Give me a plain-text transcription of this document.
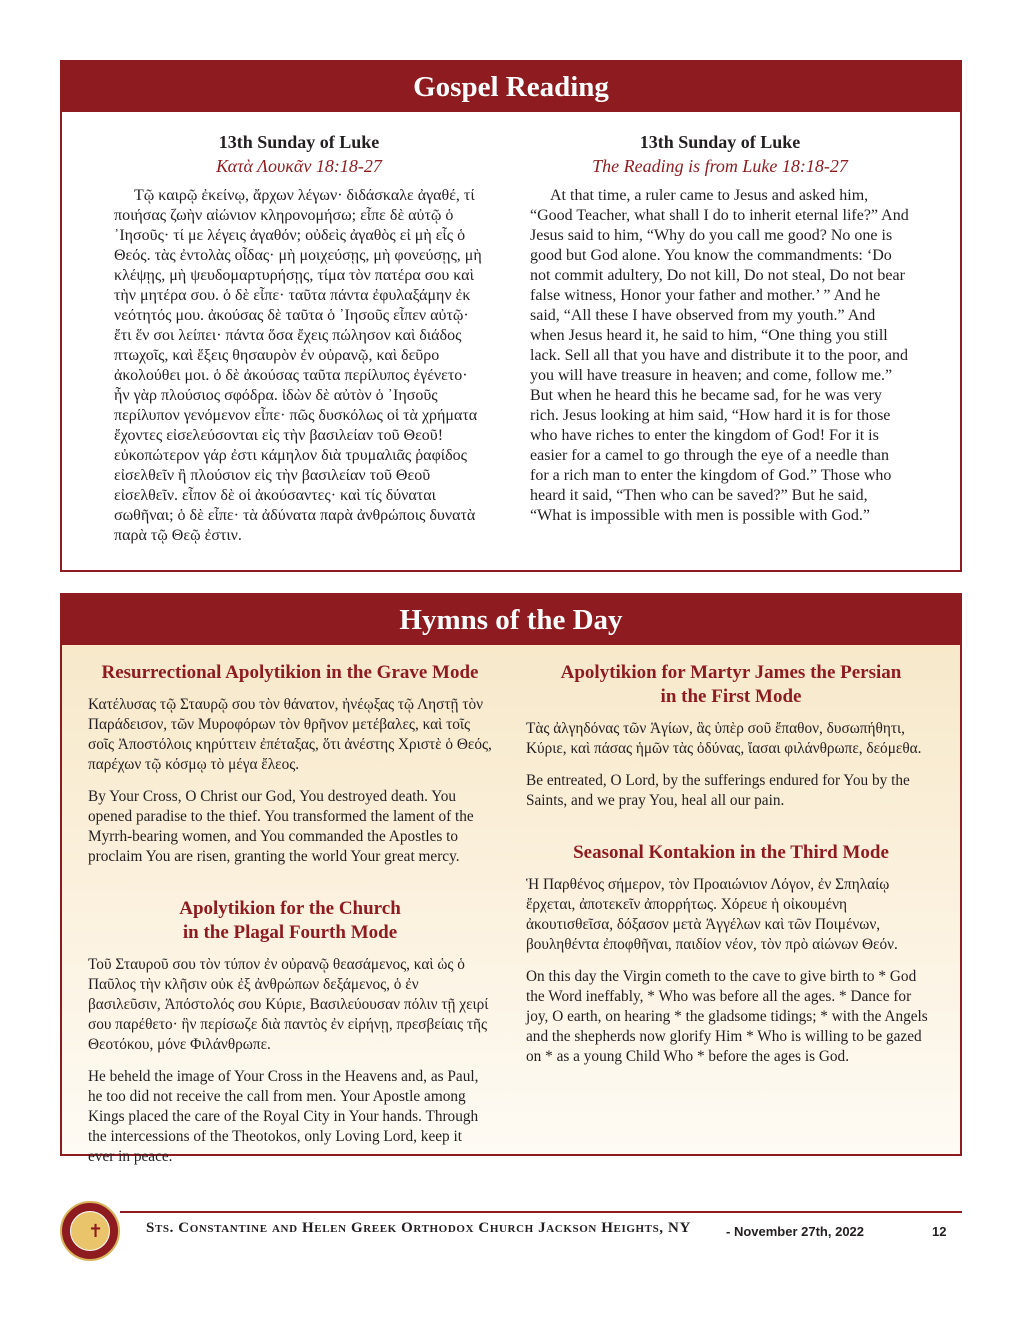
Gospel Reading
13th Sunday of Luke
Κατὰ Λουκᾶν 18:18-27

Τῷ καιρῷ ἐκείνῳ, ἄρχων λέγων· διδάσκαλε ἀγαθέ, τί ποιήσας ζωὴν αἰώνιον κληρονομήσω; εἶπε δὲ αὐτῷ ὁ ᾿Ιησοῦς· τί με λέγεις ἀγαθόν; οὐδεὶς ἀγαθὸς εἰ μὴ εἷς ὁ Θεός. τὰς ἐντολὰς οἶδας· μὴ μοιχεύσῃς, μὴ φονεύσῃς, μὴ κλέψῃς, μὴ ψευδομαρτυρήσῃς, τίμα τὸν πατέρα σου καὶ τὴν μητέρα σου. ὁ δὲ εἶπε· ταῦτα πάντα ἐφυλαξάμην ἐκ νεότητός μου. ἀκούσας δὲ ταῦτα ὁ ᾿Ιησοῦς εἶπεν αὐτῷ· ἔτι ἕν σοι λείπει· πάντα ὅσα ἔχεις πώλησον καὶ διάδος πτωχοῖς, καὶ ἕξεις θησαυρὸν ἐν οὐρανῷ, καὶ δεῦρο ἀκολούθει μοι. ὁ δὲ ἀκούσας ταῦτα περίλυπος ἐγένετο· ἦν γὰρ πλούσιος σφόδρα. ἰδὼν δὲ αὐτὸν ὁ ᾿Ιησοῦς περίλυπον γενόμενον εἶπε· πῶς δυσκόλως οἱ τὰ χρήματα ἔχοντες εἰσελεύσονται εἰς τὴν βασιλείαν τοῦ Θεοῦ! εὐκοπώτερον γάρ ἐστι κάμηλον διὰ τρυμαλιᾶς ῥαφίδος εἰσελθεῖν ἢ πλούσιον εἰς τὴν βασιλείαν τοῦ Θεοῦ εἰσελθεῖν. εἶπον δὲ οἱ ἀκούσαντες· καὶ τίς δύναται σωθῆναι; ὁ δὲ εἶπε· τὰ ἀδύνατα παρὰ ἀνθρώποις δυνατὰ παρὰ τῷ Θεῷ ἐστιν.

13th Sunday of Luke
The Reading is from Luke 18:18-27

At that time, a ruler came to Jesus and asked him, “Good Teacher, what shall I do to inherit eternal life?” And Jesus said to him, “Why do you call me good? No one is good but God alone. You know the commandments: ‘Do not commit adultery, Do not kill, Do not steal, Do not bear false witness, Honor your father and mother.’ ” And he said, “All these I have observed from my youth.” And when Jesus heard it, he said to him, “One thing you still lack. Sell all that you have and distribute it to the poor, and you will have treasure in heaven; and come, follow me.” But when he heard this he became sad, for he was very rich. Jesus looking at him said, “How hard it is for those who have riches to enter the kingdom of God! For it is easier for a camel to go through the eye of a needle than for a rich man to enter the kingdom of God.” Those who heard it said, “Then who can be saved?” But he said, “What is impossible with men is possible with God.”

Hymns of the Day
Resurrectional Apolytikion in the Grave Mode

Κατέλυσας τῷ Σταυρῷ σου τὸν θάνατον, ἠνέῳξας τῷ Ληστῇ τὸν Παράδεισον, τῶν Μυροφόρων τὸν θρῆνον μετέβαλες, καὶ τοῖς σοῖς Ἀποστόλοις κηρύττειν ἐπέταξας, ὅτι ἀνέστης Χριστὲ ὁ Θεός, παρέχων τῷ κόσμῳ τὸ μέγα ἔλεος.

By Your Cross, O Christ our God, You destroyed death. You opened paradise to the thief. You transformed the lament of the Myrrh-bearing women, and You commanded the Apostles to proclaim You are risen, granting the world Your great mercy.

Apolytikion for the Church
in the Plagal Fourth Mode

Τοῦ Σταυροῦ σου τὸν τύπον ἐν οὐρανῷ θεασάμενος, καὶ ὡς ὁ Παῦλος τὴν κλῆσιν οὐκ ἐξ ἀνθρώπων δεξάμενος, ὁ ἐν βασιλεῦσιν, Ἀπόστολός σου Κύριε, Βασιλεύουσαν πόλιν τῇ χειρί σου παρέθετο· ἣν περίσωζε διὰ παντὸς ἐν εἰρήνῃ, πρεσβείαις τῆς Θεοτόκου, μόνε Φιλάνθρωπε.

He beheld the image of Your Cross in the Heavens and, as Paul, he too did not receive the call from men. Your Apostle among Kings placed the care of the Royal City in Your hands. Through the intercessions of the Theotokos, only Loving Lord, keep it ever in peace.

Apolytikion for Martyr James the Persian
in the First Mode

Τὰς ἀλγηδόνας τῶν Ἁγίων, ἃς ὑπὲρ σοῦ ἔπαθον, δυσωπήθητι, Κύριε, καὶ πάσας ἡμῶν τὰς ὀδύνας, ἴασαι φιλάνθρωπε, δεόμεθα.

Be entreated, O Lord, by the sufferings endured for You by the Saints, and we pray You, heal all our pain.

Seasonal Kontakion in the Third Mode

Ἡ Παρθένος σήμερον, τὸν Προαιώνιον Λόγον, ἐν Σπηλαίῳ ἔρχεται, ἀποτεκεῖν ἀπορρήτως. Χόρευε ἡ οἰκουμένη ἀκουτισθεῖσα, δόξασον μετὰ Ἀγγέλων καὶ τῶν Ποιμένων, βουληθέντα ἐποφθῆναι, παιδίον νέον, τὸν πρὸ αἰώνων Θεόν.

On this day the Virgin cometh to the cave to give birth to * God the Word ineffably, * Who was before all the ages. * Dance for joy, O earth, on hearing * the gladsome tidings; * with the Angels and the shepherds now glorify Him * Who is willing to be gazed on * as a young Child Who * before the ages is God.

✝	Sts. Constantine and Helen Greek Orthodox Church Jackson Heights, NY	- November 27th, 2022	12
